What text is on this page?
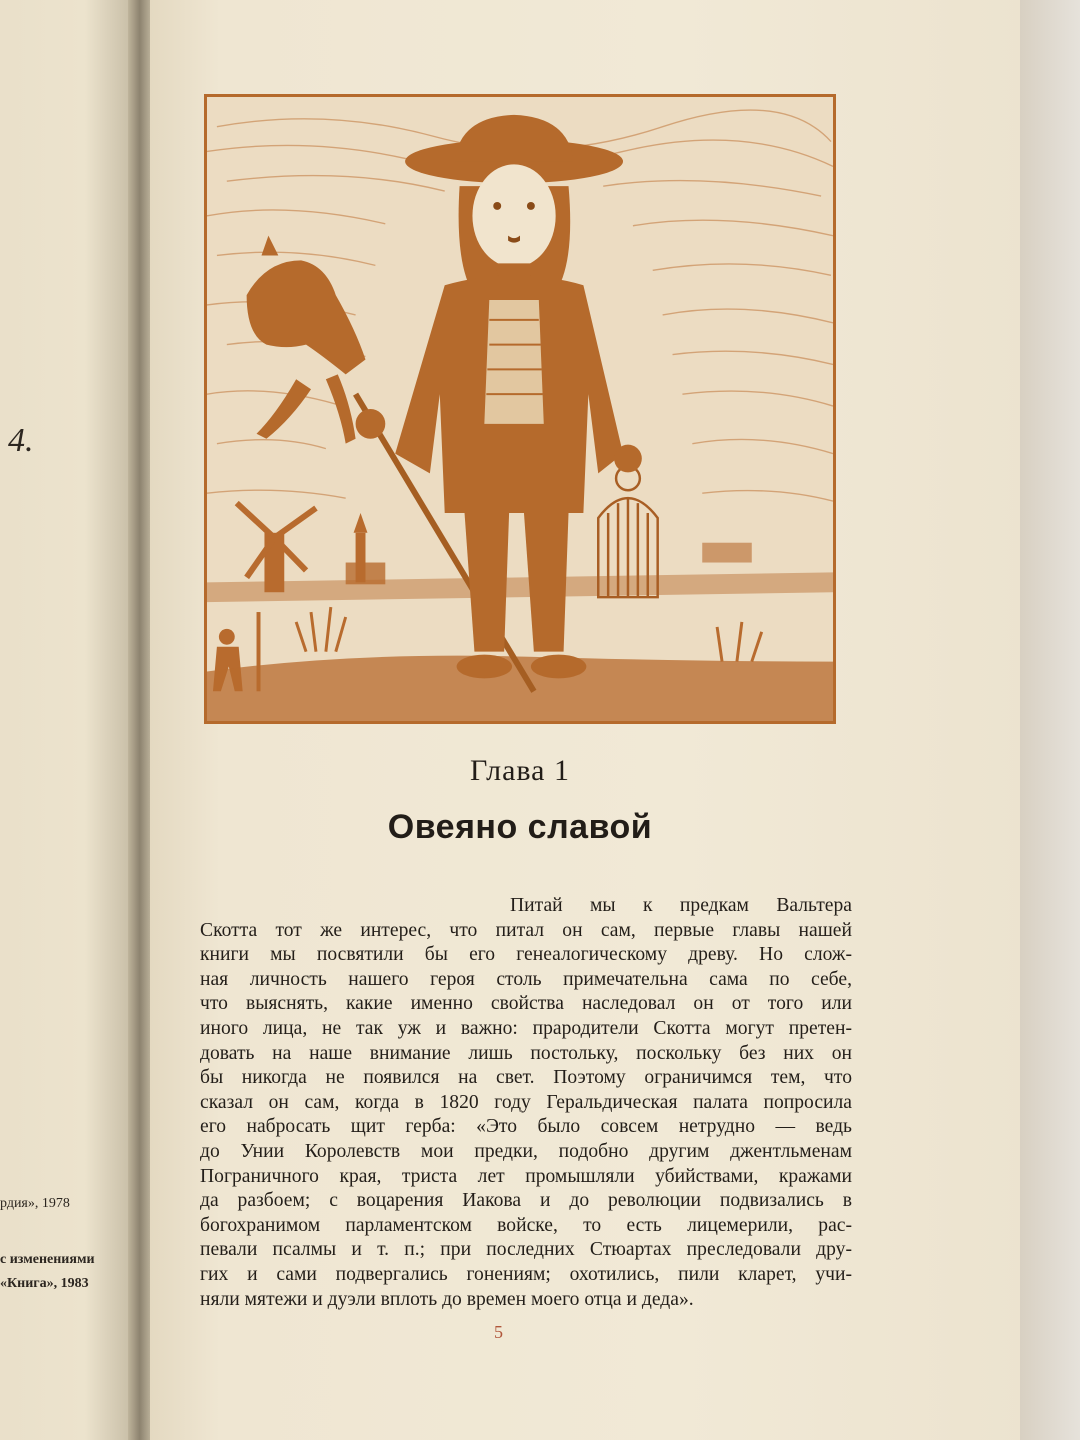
4.
рдия», 1978
с изменениями
«Книга», 1983
Глава 1
Овеяно славой
Питай мы к предкам Вальтера
Скотта тот же интерес, что питал он сам, первые главы нашей
книги мы посвятили бы его генеалогическому древу. Но слож-
ная личность нашего героя столь примечательна сама по себе,
что выяснять, какие именно свойства наследовал он от того или
иного лица, не так уж и важно: прародители Скотта могут претен-
довать на наше внимание лишь постольку, поскольку без них он
бы никогда не появился на свет. Поэтому ограничимся тем, что
сказал он сам, когда в 1820 году Геральдическая палата попросила
его набросать щит герба: «Это было совсем нетрудно — ведь
до Унии Королевств мои предки, подобно другим джентльменам
Пограничного края, триста лет промышляли убийствами, кражами
да разбоем; с воцарения Иакова и до революции подвизались в
богохранимом парламентском войске, то есть лицемерили, рас-
певали псалмы и т. п.; при последних Стюартах преследовали дру-
гих и сами подвергались гонениям; охотились, пили кларет, учи-
няли мятежи и дуэли вплоть до времен моего отца и деда».
5
